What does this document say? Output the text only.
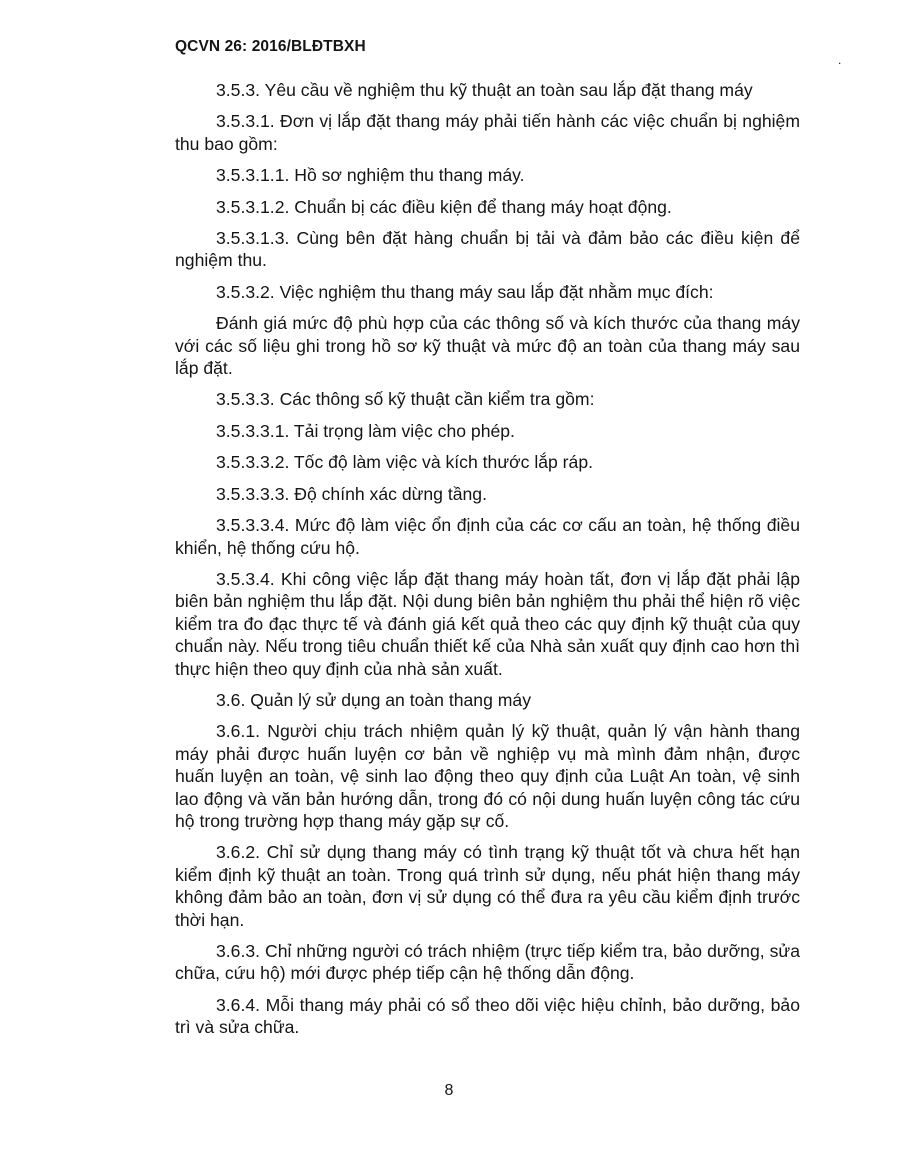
QCVN 26: 2016/BLĐTBXH
.

3.5.3. Yêu cầu về nghiệm thu kỹ thuật an toàn sau lắp đặt thang máy

3.5.3.1. Đơn vị lắp đặt thang máy phải tiến hành các việc chuẩn bị nghiệm thu bao gồm:

3.5.3.1.1. Hồ sơ nghiệm thu thang máy.

3.5.3.1.2. Chuẩn bị các điều kiện để thang máy hoạt động.

3.5.3.1.3. Cùng bên đặt hàng chuẩn bị tải và đảm bảo các điều kiện để nghiệm thu.

3.5.3.2. Việc nghiệm thu thang máy sau lắp đặt nhằm mục đích:

Đánh giá mức độ phù hợp của các thông số và kích thước của thang máy với các số liệu ghi trong hồ sơ kỹ thuật và mức độ an toàn của thang máy sau lắp đặt.

3.5.3.3. Các thông số kỹ thuật cần kiểm tra gồm:

3.5.3.3.1. Tải trọng làm việc cho phép.

3.5.3.3.2. Tốc độ làm việc và kích thước lắp ráp.

3.5.3.3.3. Độ chính xác dừng tầng.

3.5.3.3.4. Mức độ làm việc ổn định của các cơ cấu an toàn, hệ thống điều khiển, hệ thống cứu hộ.

3.5.3.4. Khi công việc lắp đặt thang máy hoàn tất, đơn vị lắp đặt phải lập biên bản nghiệm thu lắp đặt. Nội dung biên bản nghiệm thu phải thể hiện rõ việc kiểm tra đo đạc thực tế và đánh giá kết quả theo các quy định kỹ thuật của quy chuẩn này. Nếu trong tiêu chuẩn thiết kế của Nhà sản xuất quy định cao hơn thì thực hiện theo quy định của nhà sản xuất.

3.6. Quản lý sử dụng an toàn thang máy

3.6.1. Người chịu trách nhiệm quản lý kỹ thuật, quản lý vận hành thang máy phải được huấn luyện cơ bản về nghiệp vụ mà mình đảm nhận, được huấn luyện an toàn, vệ sinh lao động theo quy định của Luật An toàn, vệ sinh lao động và văn bản hướng dẫn, trong đó có nội dung huấn luyện công tác cứu hộ trong trường hợp thang máy gặp sự cố.

3.6.2. Chỉ sử dụng thang máy có tình trạng kỹ thuật tốt và chưa hết hạn kiểm định kỹ thuật an toàn. Trong quá trình sử dụng, nếu phát hiện thang máy không đảm bảo an toàn, đơn vị sử dụng có thể đưa ra yêu cầu kiểm định trước thời hạn.

3.6.3. Chỉ những người có trách nhiệm (trực tiếp kiểm tra, bảo dưỡng, sửa chữa, cứu hộ) mới được phép tiếp cận hệ thống dẫn động.

3.6.4. Mỗi thang máy phải có sổ theo dõi việc hiệu chỉnh, bảo dưỡng, bảo trì và sửa chữa.

8
